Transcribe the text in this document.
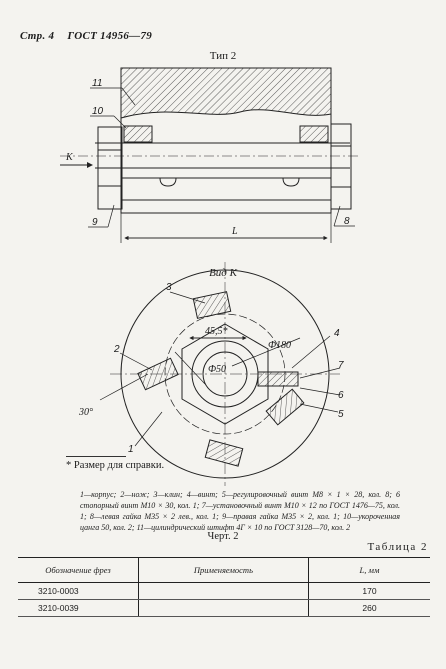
Стр. 4 ГОСТ 14956—79
Тип 2
Вид К
K
L
11
10
9	8
45,5*
Ф180
Ф50
30°
3
2
1
4
7
6
5
* Размер для справки.
1—корпус; 2—нож; 3—клин; 4—винт; 5—регулировочный винт М8 × 1 × 28, кол. 8; 6 стопорный винт М10 × 30, кол. 1; 7—установочный винт М10 × 12 по ГОСТ 1476—75, кол. 1; 8—левая гайка М35 × 2 лев., кол. 1; 9—правая гайка М35 × 2, кол. 1; 10—укороченная цанга 50, кол. 2; 11—цилиндрический штифт 4Г × 10 по ГОСТ 3128—70, кол. 2
Черт. 2
Таблица 2
Обозначение фрез	Применяемость	L, мм
3210-0003		170
3210-0039		260
